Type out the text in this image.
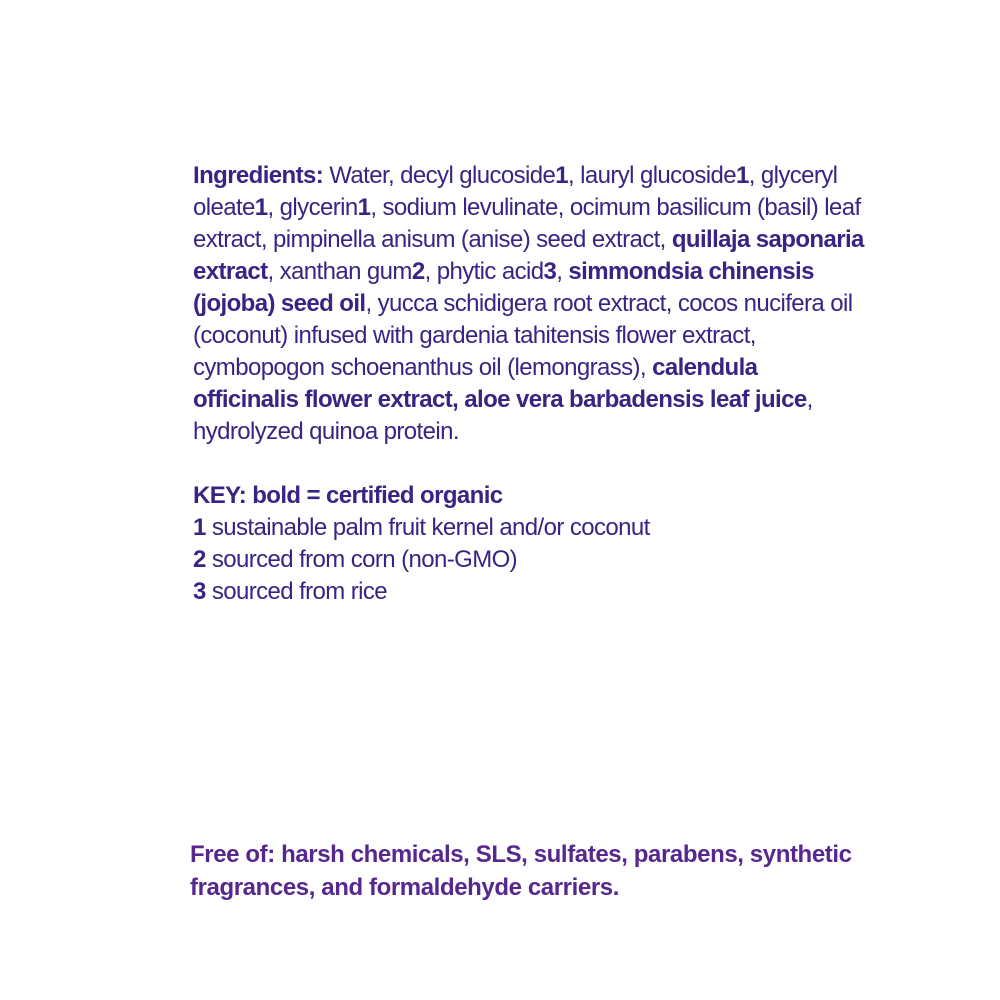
Ingredients: Water, decyl glucoside1, lauryl glucoside1, glyceryl oleate1, glycerin1, sodium levulinate, ocimum basilicum (basil) leaf extract, pimpinella anisum (anise) seed extract, quillaja saponaria extract, xanthan gum2, phytic acid3, simmondsia chinensis (jojoba) seed oil, yucca schidigera root extract, cocos nucifera oil (coconut) infused with gardenia tahitensis flower extract, cymbopogon schoenanthus oil (lemongrass), calendula officinalis flower extract, aloe vera barbadensis leaf juice, hydrolyzed quinoa protein.

KEY: bold = certified organic

1 sustainable palm fruit kernel and/or coconut

2 sourced from corn (non-GMO)

3 sourced from rice

Free of: harsh chemicals, SLS, sulfates, parabens, synthetic fragrances, and formaldehyde carriers.
